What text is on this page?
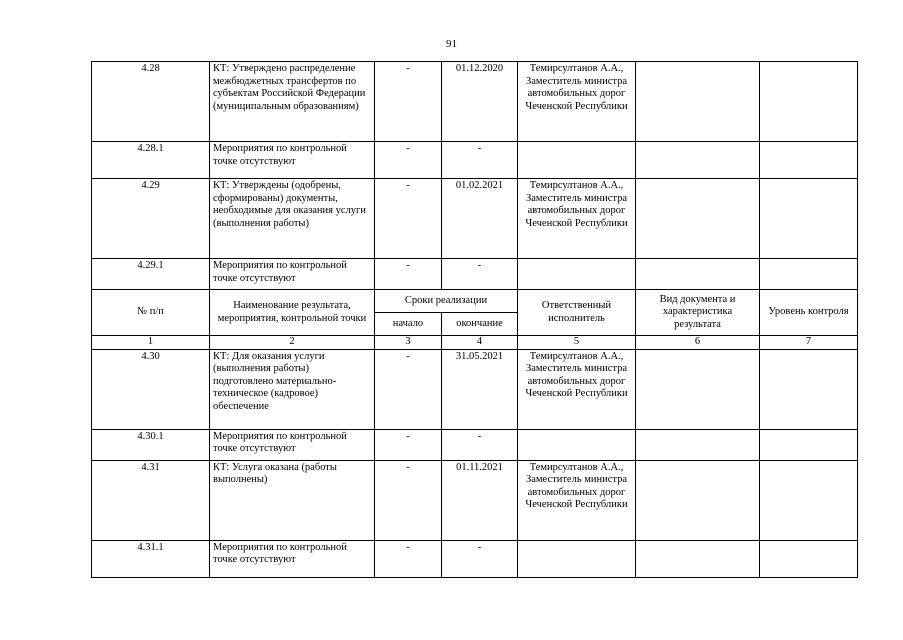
91
4.28	КТ: Утверждено распределение межбюджетных трансфертов по субъектам Российской Федерации (муниципальным образованиям)	-	01.12.2020	Темирсултанов А.А., Заместитель министра автомобильных дорог Чеченской Республики		
4.28.1	Мероприятия по контрольной точке отсутствуют	-	-			
4.29	КТ: Утверждены (одобрены, сформированы) документы, необходимые для оказания услуги (выполнения работы)	-	01.02.2021	Темирсултанов А.А., Заместитель министра автомобильных дорог Чеченской Республики		
4.29.1	Мероприятия по контрольной точке отсутствуют	-	-			
№ п/п	Наименование результата, мероприятия, контрольной точки	Сроки реализации		Ответственный исполнитель	Вид документа и характеристика результата	Уровень контроля
		начало	окончание			
1	2	3	4	5	6	7
4.30	КТ: Для оказания услуги (выполнения работы) подготовлено материально-техническое (кадровое) обеспечение	-	31.05.2021	Темирсултанов А.А., Заместитель министра автомобильных дорог Чеченской Республики		
4.30.1	Мероприятия по контрольной точке отсутствуют	-	-			
4.31	КТ: Услуга оказана (работы выполнены)	-	01.11.2021	Темирсултанов А.А., Заместитель министра автомобильных дорог Чеченской Республики		
4.31.1	Мероприятия по контрольной точке отсутствуют	-	-			
